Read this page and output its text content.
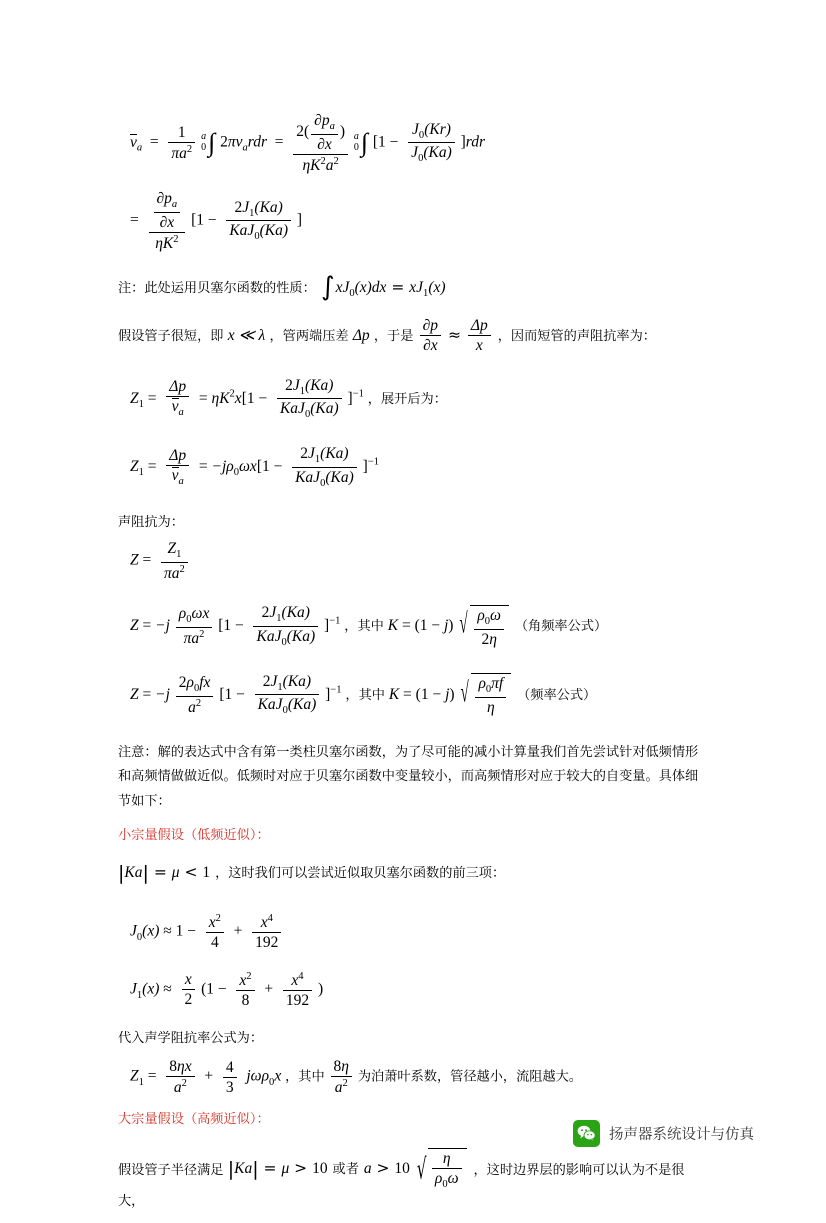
$v_a = \frac{1}{\pi a^2}$
a
0 ∫ $2\pi v_ardr = \frac{2( \frac{\partial p_a}{\partial x} )}{\eta K^2a^2}$
a
0 ∫ $[1 - \frac{J_0(Kr)}{J_0(Ka)} ]rdr$
= $\frac{\frac{\partial p_a}{\partial x}}{\eta K^2} [1 - \frac{2J_1(Ka)}{KaJ_0(Ka)}$ ]
注：此处运用贝塞尔函数的性质： $\int xJ_0(x)dx = xJ_1(x)$
假设管子很短，即 x ≪ λ ，管两端压差 Δp ，于是 $\frac{\partial p}{\partial x} \approx \frac{\Delta p}{x}$ ，因而短管的声阻抗率为：
$Z_1 = \frac{\Delta p}{v_a} = \eta K^2x[1 - \frac{2J_1(Ka)}{KaJ_0(Ka)} ]^{-1}$ ，展开后为：
$Z_1 = \frac{\Delta p}{v_a} = -j\rho_0\omega x[1 - \frac{2J_1(Ka)}{KaJ_0(Ka)} ]^{-1}$
声阻抗为：
$Z = \frac{Z_1}{\pi a^2}$
$Z = -j \frac{\rho_0\omega x}{\pi a^2} [1 - \frac{2J_1(Ka)}{KaJ_0(Ka)} ]^{-1}$ ，其中 K = (1 − j) √ $\frac{\rho_0\omega}{2\eta}$ （角频率公式）
$Z = -j \frac{2\rho_0fx}{a^2} [1 - \frac{2J_1(Ka)}{KaJ_0(Ka)} ]^{-1}$ ，其中 K = (1 − j) √ $\frac{\rho_0\pi f}{\eta}$ （频率公式）
注意：解的表达式中含有第一类柱贝塞尔函数，为了尽可能的减小计算量我们首先尝试针对低频情形和高频情做做近似。低频时对应于贝塞尔函数中变量较小，而高频情形对应于较大的自变量。具体细节如下：
小宗量假设（低频近似）：
|Ka| = μ < 1 ，这时我们可以尝试近似取贝塞尔函数的前三项：
$J_0(x) \approx 1 - \frac{x^2}{4} + \frac{x^4}{192}$
$J_1(x) \approx \frac{x}{2} (1 - \frac{x^2}{8} + \frac{x^4}{192}$ )
代入声学阻抗率公式为：
$Z_1 = \frac{8\eta x}{a^2} + \frac{4}{3} j\omega\rho_0x$ ，其中 $\frac{8\eta}{a^2}$ 为泊萧叶系数，管径越小，流阻越大。
大宗量假设（高频近似）：
假设管子半径满足 |Ka| = μ > 10 或者 a > 10 √ $\frac{\eta}{\rho_0\omega}$ ，这时边界层的影响可以认为不是很大，
扬声器系统设计与仿真
